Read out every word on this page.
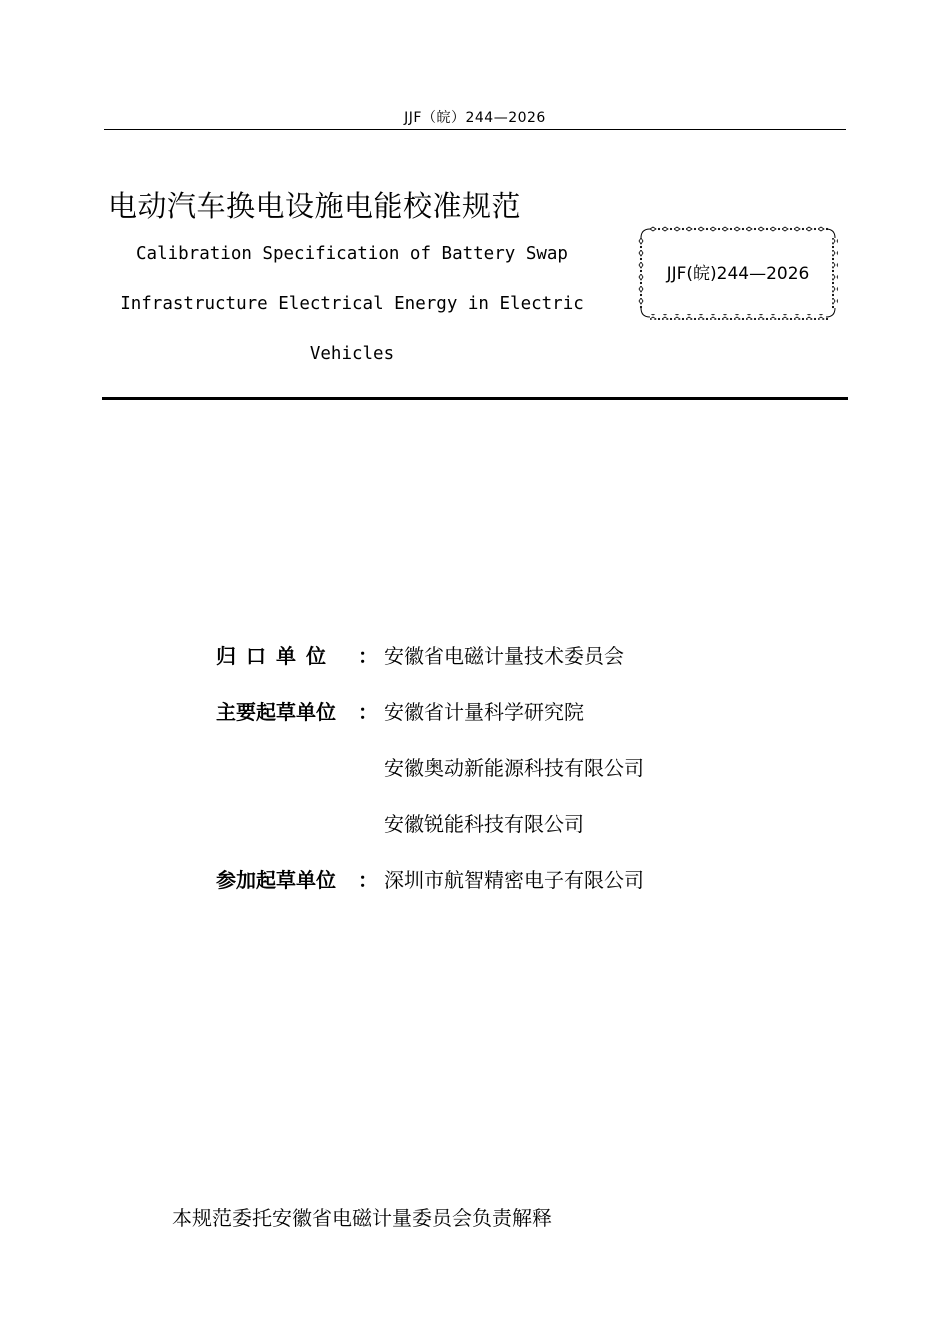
JJF（皖）244—2026
电动汽车换电设施电能校准规范
Calibration Specification of Battery Swap
Infrastructure Electrical Energy in Electric
Vehicles
JJF(皖)244—2026
归口单位	： 安徽省电磁计量技术委员会
主要起草单位	： 安徽省计量科学研究院
安徽奥动新能源科技有限公司
安徽锐能科技有限公司
参加起草单位	： 深圳市航智精密电子有限公司
本规范委托安徽省电磁计量委员会负责解释
